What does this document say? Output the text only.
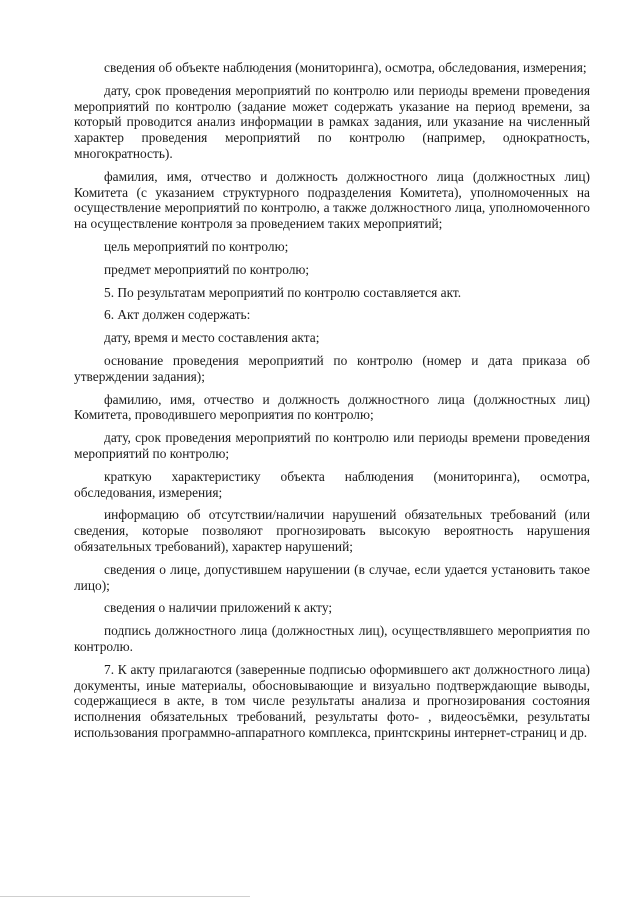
сведения об объекте наблюдения (мониторинга), осмотра, обследования, измерения;

дату, срок проведения мероприятий по контролю или периоды времени проведения мероприятий по контролю (задание может содержать указание на период времени, за который проводится анализ информации в рамках задания, или указание на численный характер проведения мероприятий по контролю (например, однократность, многократность).

фамилия, имя, отчество и должность должностного лица (должностных лиц) Комитета (с указанием структурного подразделения Комитета), уполномоченных на осуществление мероприятий по контролю, а также должностного лица, уполномоченного на осуществление контроля за проведением таких мероприятий;

цель мероприятий по контролю;

предмет мероприятий по контролю;

5. По результатам мероприятий по контролю составляется акт.

6. Акт должен содержать:

дату, время и место составления акта;

основание проведения мероприятий по контролю (номер и дата приказа об утверждении задания);

фамилию, имя, отчество и должность должностного лица (должностных лиц) Комитета, проводившего мероприятия по контролю;

дату, срок проведения мероприятий по контролю или периоды времени проведения мероприятий по контролю;

краткую характеристику объекта наблюдения (мониторинга), осмотра, обследования, измерения;

информацию об отсутствии/наличии нарушений обязательных требований (или сведения, которые позволяют прогнозировать высокую вероятность нарушения обязательных требований), характер нарушений;

сведения о лице, допустившем нарушении (в случае, если удается установить такое лицо);

сведения о наличии приложений к акту;

подпись должностного лица (должностных лиц), осуществлявшего мероприятия по контролю.

7. К акту прилагаются (заверенные подписью оформившего акт должностного лица) документы, иные материалы, обосновывающие и визуально подтверждающие выводы, содержащиеся в акте, в том числе результаты анализа и прогнозирования состояния исполнения обязательных требований, результаты фото- , видеосъёмки, результаты использования программно-аппаратного комплекса, принтскрины интернет-страниц и др.
